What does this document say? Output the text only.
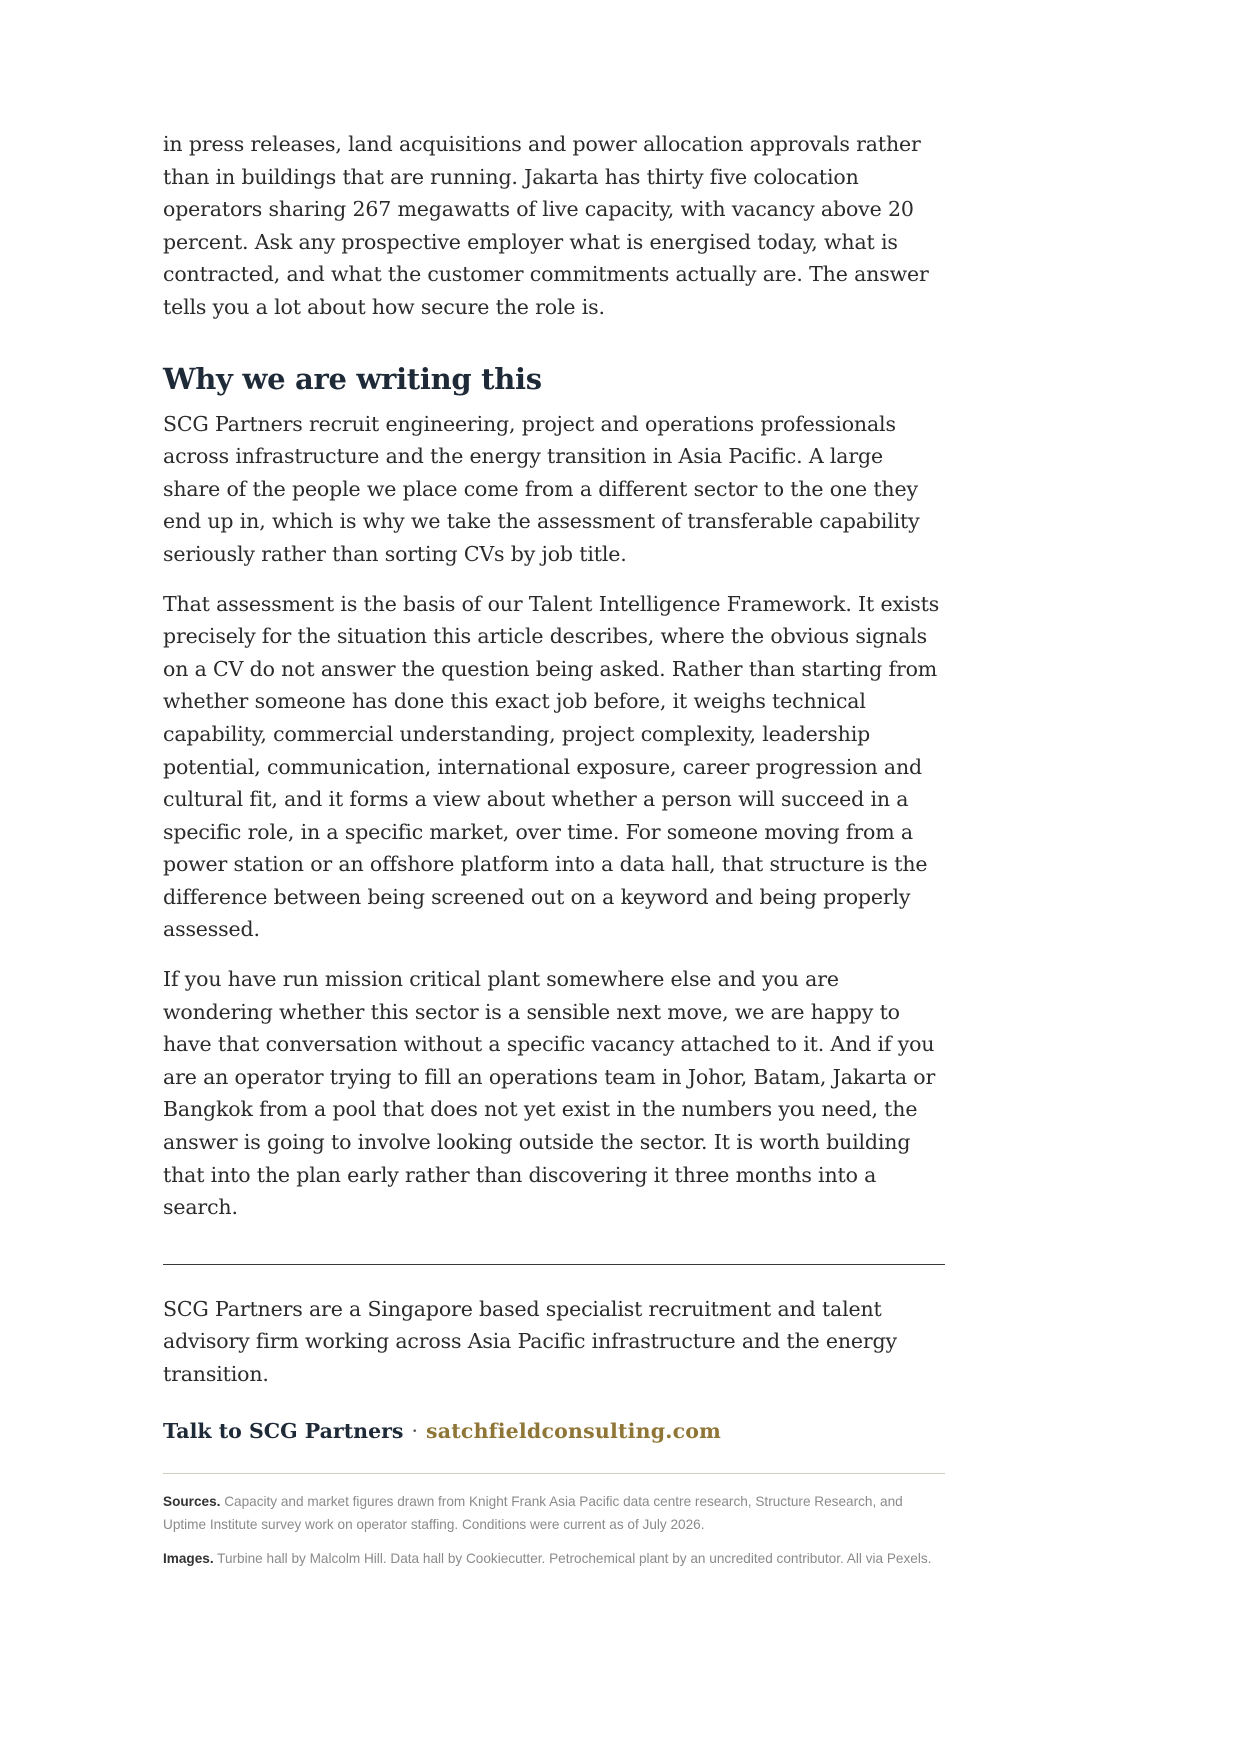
in press releases, land acquisitions and power allocation approvals rather than in buildings that are running. Jakarta has thirty five colocation operators sharing 267 megawatts of live capacity, with vacancy above 20 percent. Ask any prospective employer what is energised today, what is contracted, and what the customer commitments actually are. The answer tells you a lot about how secure the role is.

Why we are writing this

SCG Partners recruit engineering, project and operations professionals across infrastructure and the energy transition in Asia Pacific. A large share of the people we place come from a different sector to the one they end up in, which is why we take the assessment of transferable capability seriously rather than sorting CVs by job title.

That assessment is the basis of our Talent Intelligence Framework. It exists precisely for the situation this article describes, where the obvious signals on a CV do not answer the question being asked. Rather than starting from whether someone has done this exact job before, it weighs technical capability, commercial understanding, project complexity, leadership potential, communication, international exposure, career progression and cultural fit, and it forms a view about whether a person will succeed in a specific role, in a specific market, over time. For someone moving from a power station or an offshore platform into a data hall, that structure is the difference between being screened out on a keyword and being properly assessed.

If you have run mission critical plant somewhere else and you are wondering whether this sector is a sensible next move, we are happy to have that conversation without a specific vacancy attached to it. And if you are an operator trying to fill an operations team in Johor, Batam, Jakarta or Bangkok from a pool that does not yet exist in the numbers you need, the answer is going to involve looking outside the sector. It is worth building that into the plan early rather than discovering it three months into a search.

SCG Partners are a Singapore based specialist recruitment and talent advisory firm working across Asia Pacific infrastructure and the energy transition.

Talk to SCG Partners · satchfieldconsulting.com

Sources. Capacity and market figures drawn from Knight Frank Asia Pacific data centre research, Structure Research, and Uptime Institute survey work on operator staffing. Conditions were current as of July 2026.

Images. Turbine hall by Malcolm Hill. Data hall by Cookiecutter. Petrochemical plant by an uncredited contributor. All via Pexels.
